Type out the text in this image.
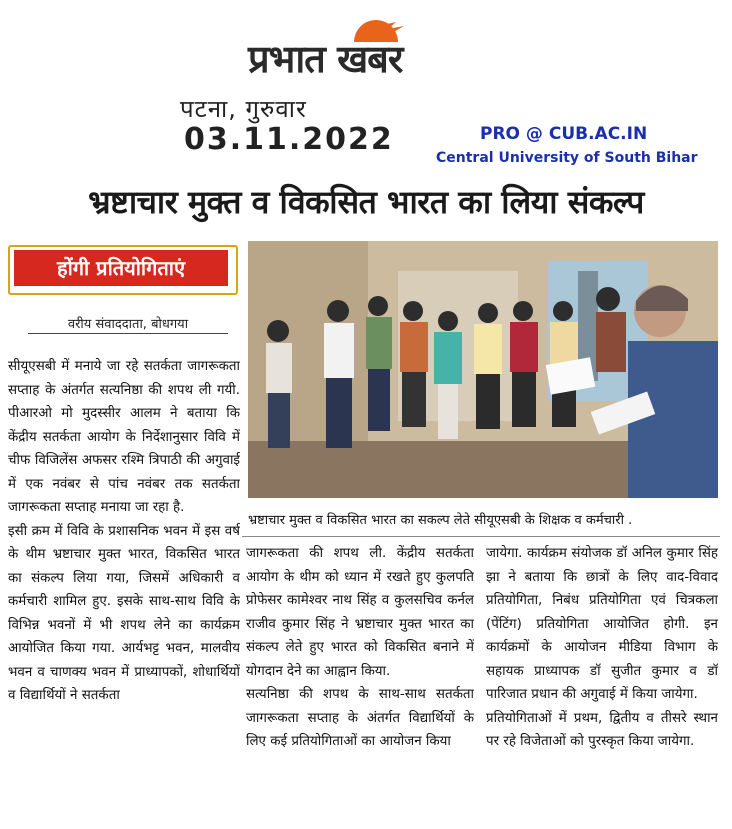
प्रभात खबर
पटना, गुरुवार
03.11.2022	PRO @ CUB.AC.IN
Central University of South Bihar
भ्रष्टाचार मुक्त व विकसित भारत का लिया संकल्प
होंगी प्रतियोगिताएं
वरीय संवाददाता, बोधगया
भ्रष्टाचार मुक्त व विकसित भारत का सकल्प लेते सीयूएसबी के शिक्षक व कर्मचारी .
सीयूएसबी में मनाये जा रहे सतर्कता जागरूकता सप्ताह के अंतर्गत सत्यनिष्ठा की शपथ ली गयी. पीआरओ मो मुदस्सीर आलम ने बताया कि केंद्रीय सतर्कता आयोग के निर्देशानुसार विवि में चीफ विजिलेंस अफसर रश्मि त्रिपाठी की अगुवाई में एक नवंबर से पांच नवंबर तक सतर्कता जागरूकता सप्ताह मनाया जा रहा है.
इसी क्रम में विवि के प्रशासनिक भवन में इस वर्ष के थीम भ्रष्टाचार मुक्त भारत, विकसित भारत का संकल्प लिया गया, जिसमें अधिकारी व कर्मचारी शामिल हुए. इसके साथ-साथ विवि के विभिन्न भवनों में भी शपथ लेने का कार्यक्रम आयोजित किया गया. आर्यभट्ट भवन, मालवीय भवन व चाणक्य भवन में प्राध्यापकों, शोधार्थियों व विद्यार्थियों ने सतर्कता
जागरूकता की शपथ ली. केंद्रीय सतर्कता आयोग के थीम को ध्यान में रखते हुए कुलपति प्रोफेसर कामेश्वर नाथ सिंह व कुलसचिव कर्नल राजीव कुमार सिंह ने भ्रष्टाचार मुक्त भारत का संकल्प लेते हुए भारत को विकसित बनाने में योगदान देने का आह्वान किया.
सत्यनिष्ठा की शपथ के साथ-साथ सतर्कता जागरूकता सप्ताह के अंतर्गत विद्यार्थियों के लिए कई प्रतियोगिताओं का आयोजन किया
जायेगा. कार्यक्रम संयोजक डॉ अनिल कुमार सिंह झा ने बताया कि छात्रों के लिए वाद-विवाद प्रतियोगिता, निबंध प्रतियोगिता एवं चित्रकला (पेंटिंग) प्रतियोगिता आयोजित होगी. इन कार्यक्रमों के आयोजन मीडिया विभाग के सहायक प्राध्यापक डॉ सुजीत कुमार व डॉ पारिजात प्रधान की अगुवाई में किया जायेगा.
प्रतियोगिताओं में प्रथम, द्वितीय व तीसरे स्थान पर रहे विजेताओं को पुरस्कृत किया जायेगा.
